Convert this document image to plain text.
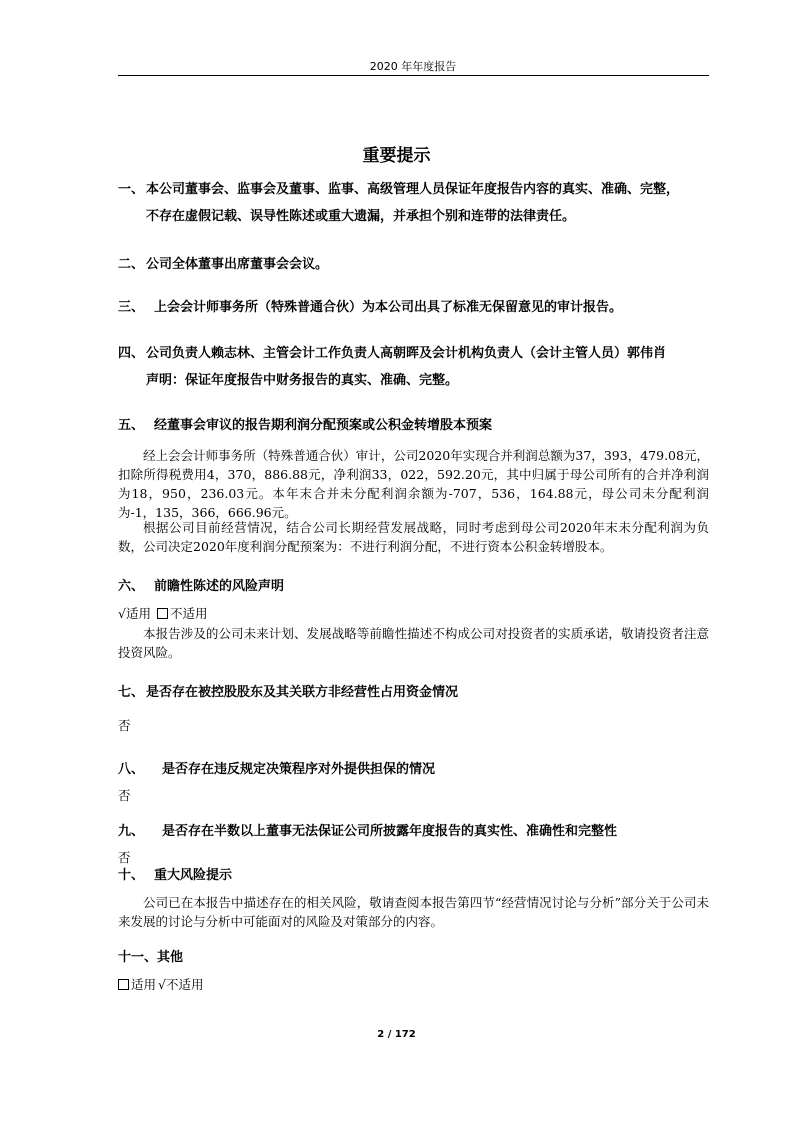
2020 年年度报告
重要提示
一、 本公司董事会、监事会及董事、监事、高级管理人员保证年度报告内容的真实、准确、完整，
不存在虚假记载、误导性陈述或重大遗漏，并承担个别和连带的法律责任。
二、 公司全体董事出席董事会会议。
三、 上会会计师事务所（特殊普通合伙）为本公司出具了标准无保留意见的审计报告。
四、 公司负责人赖志林、主管会计工作负责人高朝晖及会计机构负责人（会计主管人员）郭伟肖
声明：保证年度报告中财务报告的真实、准确、完整。
五、 经董事会审议的报告期利润分配预案或公积金转增股本预案
经上会会计师事务所（特殊普通合伙）审计，公司2020年实现合并利润总额为37，393，479.08元，扣除所得税费用4，370，886.88元，净利润33，022，592.20元，其中归属于母公司所有的合并净利润为18，950，236.03元。本年末合并未分配利润余额为-707，536，164.88元，母公司未分配利润为-1，135，366，666.96元。
根据公司目前经营情况，结合公司长期经营发展战略，同时考虑到母公司2020年末未分配利润为负数，公司决定2020年度利润分配预案为：不进行利润分配，不进行资本公积金转增股本。
六、 前瞻性陈述的风险声明
√适用 不适用
本报告涉及的公司未来计划、发展战略等前瞻性描述不构成公司对投资者的实质承诺，敬请投资者注意投资风险。
七、 是否存在被控股股东及其关联方非经营性占用资金情况
否
八、 是否存在违反规定决策程序对外提供担保的情况
否
九、 是否存在半数以上董事无法保证公司所披露年度报告的真实性、准确性和完整性
否
十、 重大风险提示
公司已在本报告中描述存在的相关风险，敬请查阅本报告第四节“经营情况讨论与分析”部分关于公司未来发展的讨论与分析中可能面对的风险及对策部分的内容。
十一、其他
适用 √不适用
2 / 172
